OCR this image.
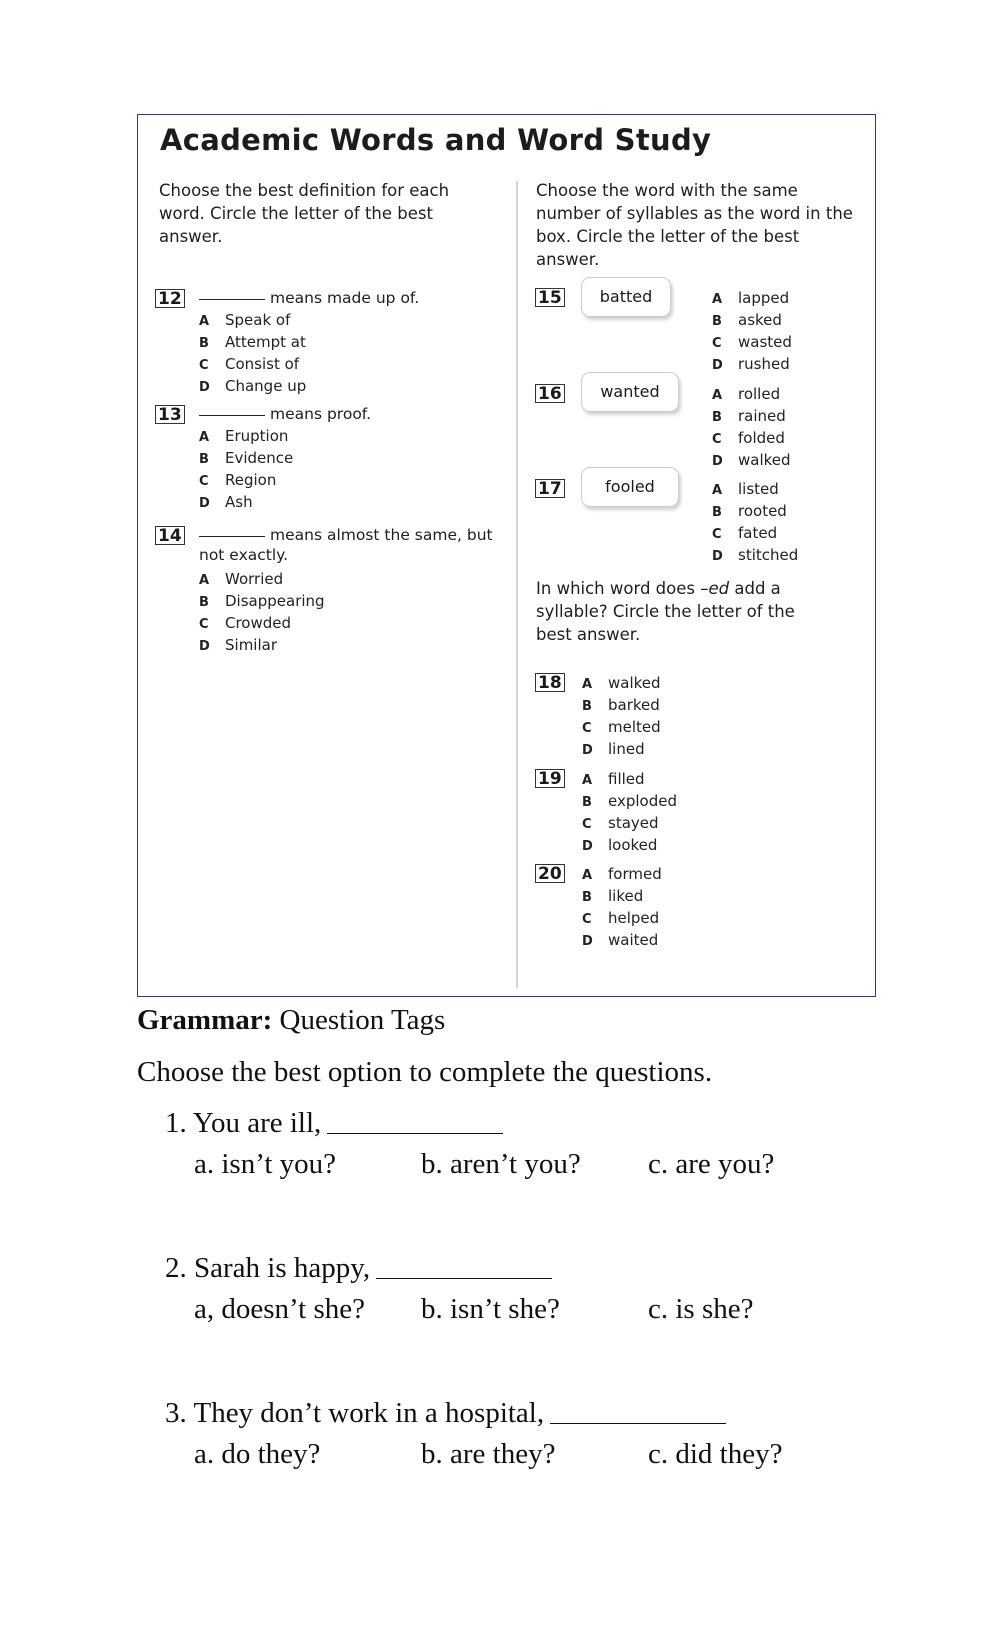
Academic Words and Word Study
Choose the best definition for each word. Circle the letter of the best answer.
12	means made up of.
A Speak of
B Attempt at
C Consist of
D Change up
13	means proof.
A Eruption
B Evidence
C Region
D Ash
14	means almost the same, but
not exactly.
A Worried
B Disappearing
C Crowded
D Similar
Choose the word with the same number of syllables as the word in the box. Circle the letter of the best answer.
15	batted	A lapped
B asked
C wasted
D rushed
16	wanted	A rolled
B rained
C folded
D walked
17	fooled	A listed
B rooted
C fated
D stitched
In which word does –ed add a syllable? Circle the letter of the best answer.
18 A walked
B barked
C melted
D lined
19 A filled
B exploded
C stayed
D looked
20 A formed
B liked
C helped
D waited
Grammar: Question Tags
Choose the best option to complete the questions.
1. You are ill,
a. isn’t you?	b. aren’t you? c. are you?
2. Sarah is happy,
a, doesn’t she? b. isn’t she?	c. is she?
3. They don’t work in a hospital,
a. do they?	b. are they?	c. did they?
